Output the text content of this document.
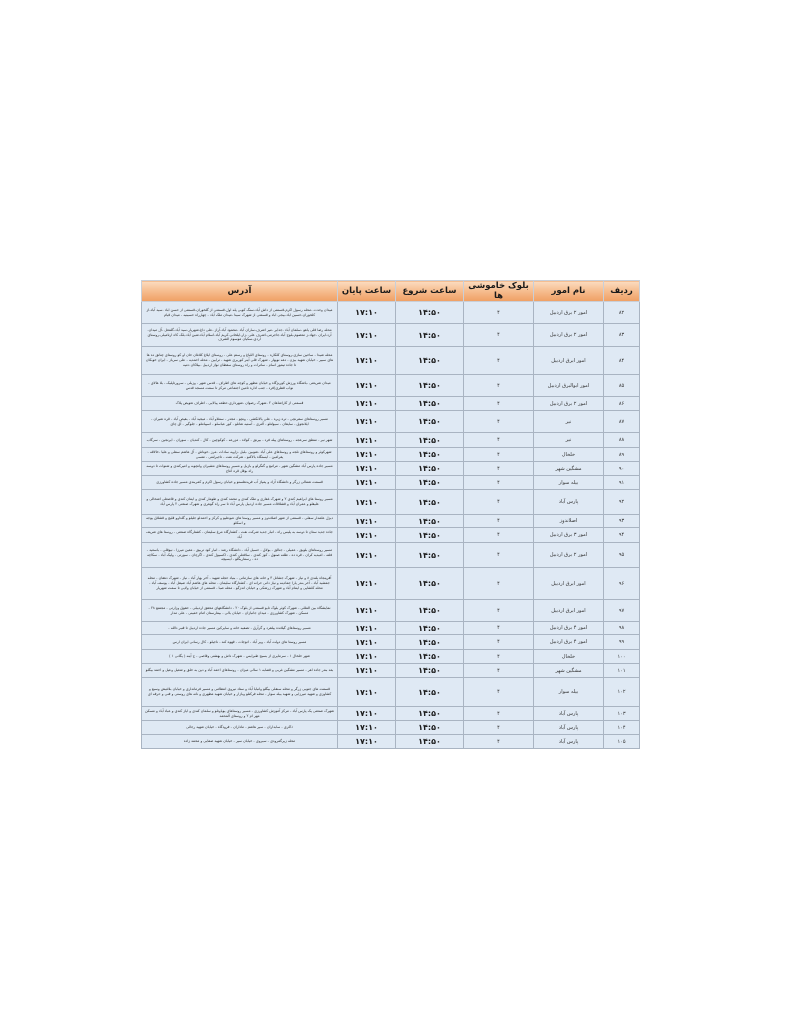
ردیف	نام امور	بلوک خاموشی ها	ساعت شروع	ساعت پایان	آدرس
۸۲	امور ۲ برق اردبیل	۴	۱۴:۵۰	۱۷:۱۰	میدان وحدت -محله رسول اکرم-قسمتی از داش آباد-سنگ کوبی پله اول-قسمتی از گلخوران-قسمتی از حسن اباد -سید آباد-از کلخوران-حسین اباد-بیجی اباد و قسمتی از شهرک سینا -میدان ملک آباد - چهارراه حسینیه - میدان قیام
۸۳	امور ۲ برق اردبیل	۴	۱۴:۵۰	۱۷:۱۰	محله رضا قلی یاهو -سلمان آباد -جدایر -میر اشرف-ساران آباد -محمود آباد-آراز -علی داغ-شهریار-سید آباد-گلمغل -آل میدان-آرد-ایران -جهاد-ز معصوم-بلوچ آباد-جاجرمی-اشرف علی -زار-ایلخانی-کریم آباد-اسلام آباد-شین آباد-بلک کاه ارتامیلی-روستای اردی-سکیان موسوم الشرف
۸۴	امور ابرق اردبیل	۴	۱۴:۵۰	۱۷:۱۰	محله شیدا - ساحین سازی-روستای کلکاره - روستای اللیاغ و رستم علی - روستای ایلاغ کلاغان خان او کو روستای چنانق ده ها های سبیر - خیابان شهید بیژن - دهه نوبهار - شهرک قلی آینر کوربری شهید - ترابین - محله احمدیه - علی سرباز - ایران خوبکان تا جاده تیمور اسام - ساترات و راه روستای سقطان نواز اردبیل -بیلاکان دمیه
۸۵	امور ابوالبرق اردبیل	۴	۱۴:۵۰	۱۷:۱۰	میدان شریعتی -باشگاه ورزش کوریژگاه و خیابان مطهر و کوچه های اطراف - قدس شهر - وزیلی - سرورتاپلیک - بلا هالای - نواب قطری(فرد - جنب اداره تامین اجتماعی مرکز تا سمت مسجد قدس
۸۶	امور ۲ برق اردبیل	۴	۱۴:۵۰	۱۷:۱۰	قسمتی از کاراشاهان ۲ -شهرک رضوان -شهرداری-حطعه پیالایی - اطراف تعویض پلاک
۸۷	نیر	۴	۱۴:۵۰	۱۷:۱۰	مسیر روستاهای سفرنچی - تره زیره - علی یالانکشی - ونچو - مجدر - سنتلاو آباد - میجید آباد - بقیص آباد - قره شیران - ایلانجوق - سایقان - سیولتلو - آلتری - آستیه شانلو - کور عباسلو - اسپیانتلو - جلوگیر - آق چای
۸۸	نیر	۴	۱۴:۵۰	۱۷:۱۰	شهر نیر - منطق سرعجه - روستاهای پیله فرد - بیرنق - کولاه - مزرعه - کوکوچین - کال - کندیان - سوران - ایرنجین - سرگاب
۸۹	خلخال	۴	۱۴:۵۰	۱۷:۱۰	شهرکوثر و روستاهای نلجه و روستاهای علی آباد -شوبین -بلیل -زاویه سادات -مرز -خوناش - آل هاشم سفلی و علیا -خالاقه - یقرامین - ایستگاه بالاکنو - شرکت نفت - تاجیرلنتی - تفسی
۹۰	مشگین شهر	۴	۱۴:۵۰	۱۷:۱۰	مسیر جاده پارس آباد مشگین شهر - مراتبع و گنگرلو و بازیل و مسیر روستاهای مشیران وانچوبه و امیرکندی و شنوات تا دوسه راه بوقل قره آغاج
۹۱	بیله سوار	۴	۱۴:۵۰	۱۷:۱۰	قسمت شمالی زرگر و دانشگاه آزاد و پمپاژ آب فریدهلستو و خیابان رسول اکرم و کمربندی مسیر جاده کشاورزی
۹۲	پارس آباد	۴	۱۴:۵۰	۱۷:۱۰	مسیر روستا های ابراهیم کندی ۲ و شهرک غفاری و ملک کندی و محمد کندی و طومار کندی و ایمان کندی و قاضعلی اشخالی و علیقلو و عمران آباد و قشلاقات مسیر جاده اردبیل پارس آباد تا سر راه گوهری و شهرک صنعتی ۲ پارس آباد
۹۳	اصلاندوز	۴	۱۴:۵۰	۱۷:۱۰	دیزل علمدار سفلی - قسمتی از شهر اصلاندوز و مسیر روستا های عبوعلیو و کرکز و احمدلو جلیلو و گلداوو قلیچ و قشلاق یوجه و اسکلو
۹۴	امور ۳ برق اردبیل	۴	۱۴:۵۰	۱۷:۱۰	جاده جدید ستان تا دوسه به یلیس راه - انبار جدید شرکت نفت - کشتارگاه مرغ سلیمان - کشتارگاه صنعتی - روستا های شریف آباد
۹۵	امور ۲ برق اردبیل	۴	۱۴:۵۰	۱۷:۱۰	مسیر روستاهای بلویق - عمیلی - جنالق - بولاق - حسیل آباد - دانشگاه رشد - انبار کود تربیق - معین میرزا - نیوقلی - باسعید - فلته - امیدیه کران - قره ده - طلته صنوق - کوز کندی - ساقعلی کندی - اکسیول کندی - اگرچان - سورتی - ولیک آباد - سکاچه ده - رسماریگلو - ایسپچه
۹۶	امور ابرق اردبیل	۴	۱۴:۵۰	۱۷:۱۰	آفرینجاه بلندی ۸ و نیاز - شهرک جشانل ۳ و خانه های سازمانی - بنیاد حجله شهید - آخر بهار آباد - نیاز - شهرک دهقان - محله جمشید آباد - آخر بندر یارا جمادینه و نیاز دانی حرانه ای - کشتارگاه سلیمان - محله های هاشم آباد صیقل آباد - یوسف آباد - محله کلشاپی و ایمام آباد و شهرک زرشکی و خیابان اندزگو - محله صبا - قسمتی از خیابان ولایی تا سمت شهریار
۹۷	امور ابرق اردبیل	۴	۱۴:۵۰	۱۷:۱۰	نمایشگاه بین المللی - شهرک کوثر بلوک تابو قسمتی از بلوک ۲۰ - دانشگاههای محقق اردبیلی - حقوق وزارتی - مجتمع ۲۸ - مسکن - شهرک کشاورزی - میدان جانبازان - خیابان بالی - بیمارستان امام خمینی - علی مدار
۹۸	امور ۴ برق اردبیل	۴	۱۴:۵۰	۱۷:۱۰	مسیر روستاهای گیلانده ییلقرد و گرآرق - تصفیه خانه و سایرکین مسیر جاده اردبیل تا قنبر دالله -
۹۹	امور ۴ برق اردبیل	۴	۱۴:۵۰	۱۷:۱۰	مسیر روستا های دولت آباد - ویر آباد - اتوجات - قهوه کند - ناجیلو - کال رسانی ایران ارس
۱۰۰	خلخال	۴	۱۴:۵۰	۱۷:۱۰	شهر خلخال ۱ - سرمایری از بسیج طبرایس - شهرک داش و بهشتی وقاصی - ج آینه ( یگانی ۱ )
۱۰۱	مشگین شهر	۴	۱۴:۵۰	۱۷:۱۰	بعد بندر جاده اهر - مسیر مشگین غربی و قصابه ۱ سالی میزان - روستاهای احمد آباد و دین به خلق و شعیل وعیل و احمد بیگلو
۱۰۲	بیله سوار	۴	۱۴:۵۰	۱۷:۱۰	قسمت های جنوبی زرگر و محله سنقلی بیگلو وانبابا آباد و ستاد نیروی انتظامی و مسیر فرمانداری و خیابان بلاغیش وسیع و کشاوزی و شهید میرزایی و شهید بیله سوار - محله فرکتلو وبازار و خیابان شهید مطهری و نانه های روستی و فنی و حرفه ای
۱۰۳	پارس آباد	۴	۱۴:۵۰	۱۷:۱۰	شهرک صنعتی یک پارس آباد - مرکز آموزش کشاورزی - مسیر روستاهای یویاوتلو و سلمان کندی و ایاز کندی و عباد آباد و مسکن مهر ام ۲ و روستای آلمحمد
۱۰۴	پارس آباد	۴	۱۴:۵۰	۱۷:۱۰	ذاکری - سابداران - سیر هاشم - ماداران - فرودگاه - خیابان شهید رجائی
۱۰۵	پارس آباد	۴	۱۴:۵۰	۱۷:۱۰	محله زیرگمرودی - سیروی - خیابان سیر - خیابان شهید صفایی و محمد زاده
